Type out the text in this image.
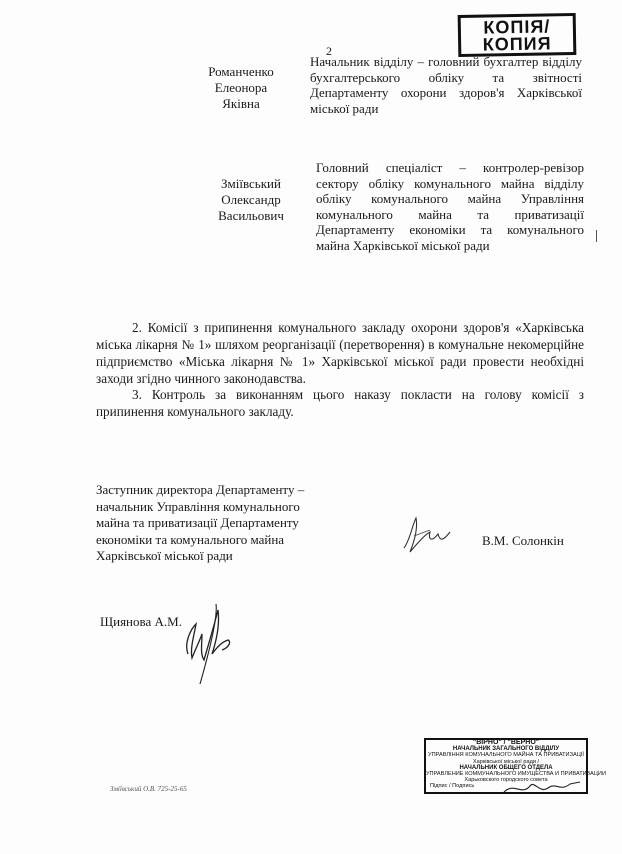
2
КОПІЯ/
КОПИЯ
Романченко
Елеонора
Яківна
Начальник відділу – головний бухгалтер відділу бухгалтерського обліку та звітності Департаменту охорони здоров'я Харківської міської ради
Зміївський
Олександр
Васильович
Головний спеціаліст – контролер-ревізор сектору обліку комунального майна відділу обліку комунального майна Управління комунального майна та приватизації Департаменту економіки та комунального майна Харківської міської ради
2. Комісії з припинення комунального закладу охорони здоров'я «Харківська міська лікарня № 1» шляхом реорганізації (перетворення) в комунальне некомерційне підприємство «Міська лікарня № 1» Харківської міської ради провести необхідні заходи згідно чинного законодавства.
3. Контроль за виконанням цього наказу покласти на голову комісії з припинення комунального закладу.
Заступник директора Департаменту –
начальник Управління комунального
майна та приватизації Департаменту
економіки та комунального майна
Харківської міської ради
В.М. Солонкін
Щиянова А.М.
Зміївський О.В. 725-25-65
"ВІРНО" / "ВЕРНО"
НАЧАЛЬНИК ЗАГАЛЬНОГО ВІДДІЛУ
УПРАВЛІННЯ КОМУНАЛЬНОГО МАЙНА ТА ПРИВАТИЗАЦІЇ
Харківської міської ради /
НАЧАЛЬНИК ОБЩЕГО ОТДЕЛА
УПРАВЛЕНИЕ КОММУНАЛЬНОГО ИМУЩЕСТВА И ПРИВАТИЗАЦИИ
Харьковского городского совета
Підпис / Подпись
